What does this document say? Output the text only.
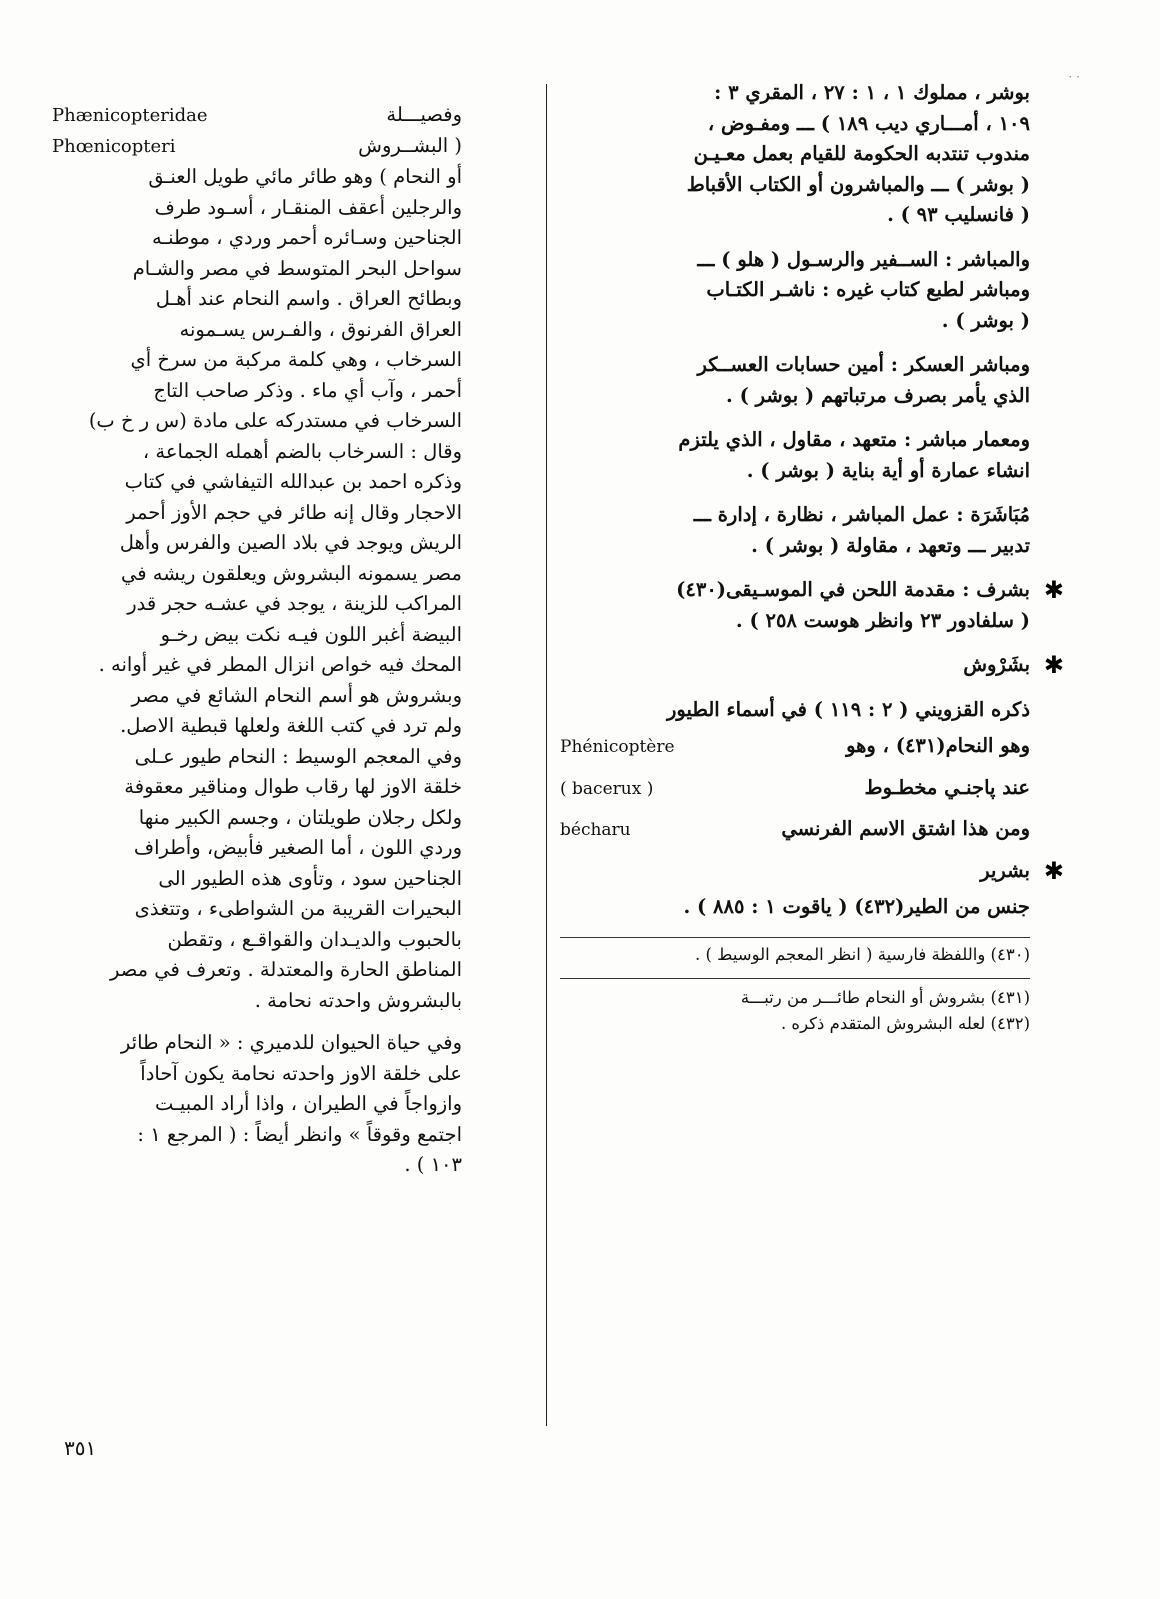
· ·
بوشر ، مملوك ١ ، ١ : ٢٧ ، المقري ٣ :
١٠٩ ، أمـــاري ديب ١٨٩ ) ـــ ومفـوض ،
مندوب تنتدبه الحكومة للقيام بعمل معـيـن
( بوشر ) ـــ والمباشرون أو الكتاب الأقباط
( فانسليب ٩٣ ) .
والمباشر : الســفير والرسـول ( هلو ) ـــ
ومباشر لطبع كتاب غيره : ناشـر الكتـاب
( بوشر ) .
ومباشر العسكر : أمين حسابات العســكر
الذي يأمر بصرف مرتباتهم ( بوشر ) .
ومعمار مباشر : متعهد ، مقاول ، الذي يلتزم
انشاء عمارة أو أية بناية ( بوشر ) .
مُبَاشَرَة : عمل المباشر ، نظارة ، إدارة ـــ
تدبير ـــ وتعهد ، مقاولة ( بوشر ) .
✱
بشرف : مقدمة اللحن في الموسـيقى(٤٣٠)
( سلفادور ٢٣ وانظر هوست ٢٥٨ ) .
✱
بشَرْوش
ذكره القزويني ( ٢ : ١١٩ ) في أسماء الطيور
وهو النحام(٤٣١) ، وهو
Phénicoptère
عند پاجنـي مخطـوط
( bacerux )
ومن هذا اشتق الاسم الفرنسي
bécharu
✱
بشرير
جنس من الطير(٤٣٢) ( ياقوت ١ : ٨٨٥ ) .
(٤٣٠) واللفظة فارسية ( انظر المعجم الوسيط ) .
(٤٣١) بشروش أو النحام طائـــر من رتبـــة
(٤٣٢) لعله البشروش المتقدم ذكره .
وفصيـــلة
Phænicopteridae
( البشــروش
Phœnicopteri
أو النحام ) وهو طائر مائي طويل العنـق
والرجلين أعقف المنقـار ، أسـود طرف
الجناحين وسـائره أحمر وردي ، موطنـه
سواحل البحر المتوسط في مصر والشـام
وبطائح العراق . واسم النحام عند أهـل
العراق الفرنوق ، والفـرس يسـمونه
السرخاب ، وهي كلمة مركبة من سرخ أي
أحمر ، وآب أي ماء . وذكر صاحب التاج
السرخاب في مستدركه على مادة (س ر خ ب)
وقال : السرخاب بالضم أهمله الجماعة ،
وذكره احمد بن عبدالله التيفاشي في كتاب
الاحجار وقال إنه طائر في حجم الأوز أحمر
الريش ويوجد في بلاد الصين والفرس وأهل
مصر يسمونه البشروش ويعلقون ريشه في
المراكب للزينة ، يوجد في عشـه حجر قدر
البيضة أغبر اللون فيـه نكت بيض رخـو
المحك فيه خواص انزال المطر في غير أوانه .
وبشروش هو أسم النحام الشائع في مصر
ولم ترد في كتب اللغة ولعلها قبطية الاصل.
وفي المعجم الوسيط : النحام طيور عـلى
خلقة الاوز لها رقاب طوال ومناقير معقوفة
ولكل رجلان طويلتان ، وجسم الكبير منها
وردي اللون ، أما الصغير فأبيض، وأطراف
الجناحين سود ، وتأوى هذه الطيور الى
البحيرات القريبة من الشواطىء ، وتتغذى
بالحبوب والديـدان والقواقـع ، وتقطن
المناطق الحارة والمعتدلة . وتعرف في مصر
بالبشروش واحدته نحامة .
وفي حياة الحيوان للدميري : « النحام طائر
على خلقة الاوز واحدته نحامة يكون آحاداً
وازواجاً في الطيران ، واذا أراد المبيـت
اجتمع وقوقاً » وانظر أيضاً : ( المرجع ١ :
١٠٣ ) .
٣٥١
